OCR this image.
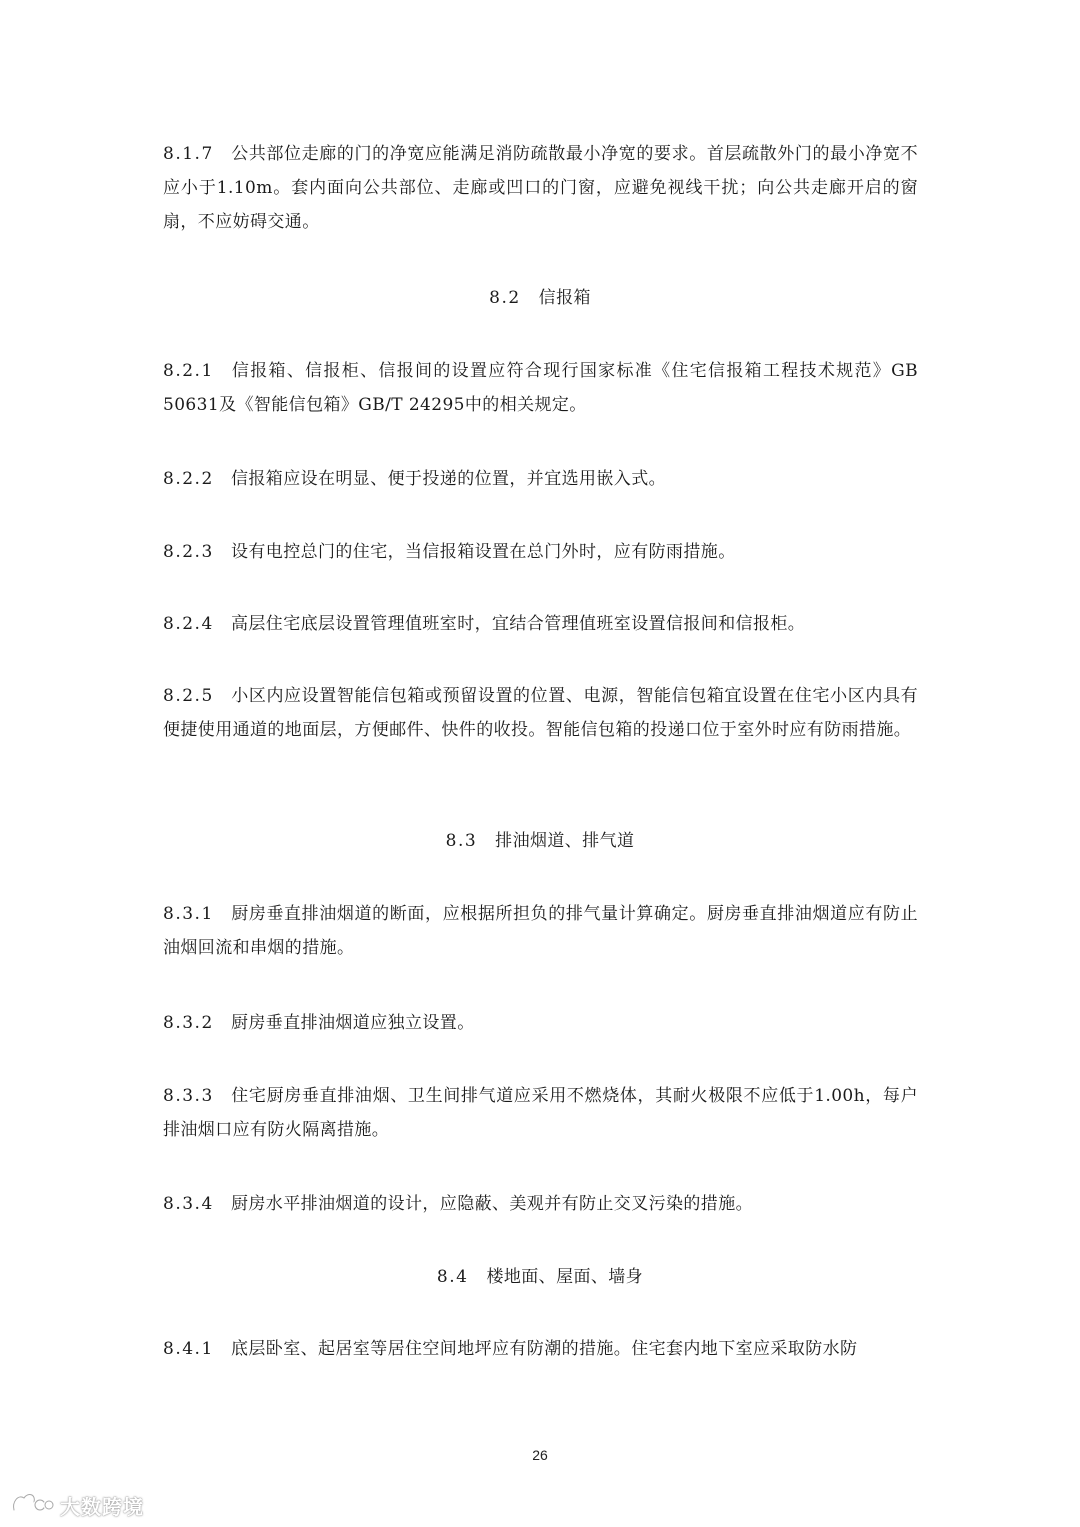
8.1.7 公共部位走廊的门的净宽应能满足消防疏散最小净宽的要求。首层疏散外门的最小净宽不应小于1.10m。套内面向公共部位、走廊或凹口的门窗，应避免视线干扰；向公共走廊开启的窗扇，不应妨碍交通。

8.2 信报箱

8.2.1 信报箱、信报柜、信报间的设置应符合现行国家标准《住宅信报箱工程技术规范》GB 50631及《智能信包箱》GB/T 24295中的相关规定。

8.2.2 信报箱应设在明显、便于投递的位置，并宜选用嵌入式。

8.2.3 设有电控总门的住宅，当信报箱设置在总门外时，应有防雨措施。

8.2.4 高层住宅底层设置管理值班室时，宜结合管理值班室设置信报间和信报柜。

8.2.5 小区内应设置智能信包箱或预留设置的位置、电源，智能信包箱宜设置在住宅小区内具有便捷使用通道的地面层，方便邮件、快件的收投。智能信包箱的投递口位于室外时应有防雨措施。

8.3 排油烟道、排气道

8.3.1 厨房垂直排油烟道的断面，应根据所担负的排气量计算确定。厨房垂直排油烟道应有防止油烟回流和串烟的措施。

8.3.2 厨房垂直排油烟道应独立设置。

8.3.3 住宅厨房垂直排油烟、卫生间排气道应采用不燃烧体，其耐火极限不应低于1.00h，每户排油烟口应有防火隔离措施。

8.3.4 厨房水平排油烟道的设计，应隐蔽、美观并有防止交叉污染的措施。

8.4 楼地面、屋面、墙身

8.4.1 底层卧室、起居室等居住空间地坪应有防潮的措施。住宅套内地下室应采取防水防

26
大数跨境
